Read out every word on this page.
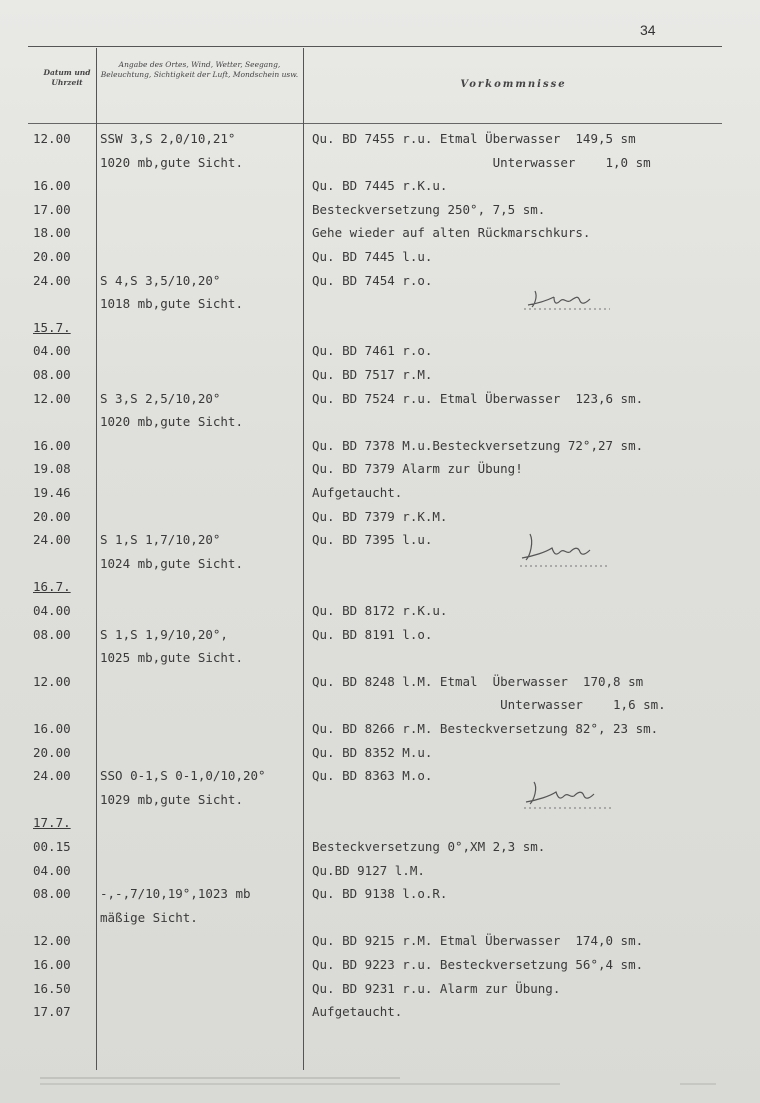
34
Datum und Uhrzeit
Angabe des Ortes, Wind, Wetter, Seegang, Beleuchtung, Sichtigkeit der Luft, Mondschein usw.
Vorkommnisse
12.00 SSW 3,S 2,0/10,21°	Qu. BD 7455 r.u. Etmal Überwasser  149,5 sm
1020 mb,gute Sicht.	Unterwasser    1,0 sm
16.00	Qu. BD 7445 r.K.u.
17.00	Besteckversetzung 250°, 7,5 sm.
18.00	Gehe wieder auf alten Rückmarschkurs.
20.00	Qu. BD 7445 l.u.
24.00 S 4,S 3,5/10,20°	Qu. BD 7454 r.o.
1018 mb,gute Sicht.
15.7.
04.00	Qu. BD 7461 r.o.
08.00	Qu. BD 7517 r.M.
12.00 S 3,S 2,5/10,20°	Qu. BD 7524 r.u. Etmal Überwasser  123,6 sm.
1020 mb,gute Sicht.
16.00	Qu. BD 7378 M.u.Besteckversetzung 72°,27 sm.
19.08	Qu. BD 7379 Alarm zur Übung!
19.46	Aufgetaucht.
20.00	Qu. BD 7379 r.K.M.
24.00 S 1,S 1,7/10,20°	Qu. BD 7395 l.u.
1024 mb,gute Sicht.
16.7.
04.00	Qu. BD 8172 r.K.u.
08.00 S 1,S 1,9/10,20°,	Qu. BD 8191 l.o.
1025 mb,gute Sicht.
12.00	Qu. BD 8248 l.M. Etmal  Überwasser  170,8 sm
Unterwasser    1,6 sm.
16.00	Qu. BD 8266 r.M. Besteckversetzung 82°, 23 sm.
20.00	Qu. BD 8352 M.u.
24.00 SSO 0-1,S 0-1,0/10,20°	Qu. BD 8363 M.o.
1029 mb,gute Sicht.
17.7.
00.15	Besteckversetzung 0°,XM 2,3 sm.
04.00	Qu.BD 9127 l.M.
08.00 -,-,7/10,19°,1023 mb	Qu. BD 9138 l.o.R.
mäßige Sicht.
12.00	Qu. BD 9215 r.M. Etmal Überwasser  174,0 sm.
16.00	Qu. BD 9223 r.u. Besteckversetzung 56°,4 sm.
16.50	Qu. BD 9231 r.u. Alarm zur Übung.
17.07	Aufgetaucht.
